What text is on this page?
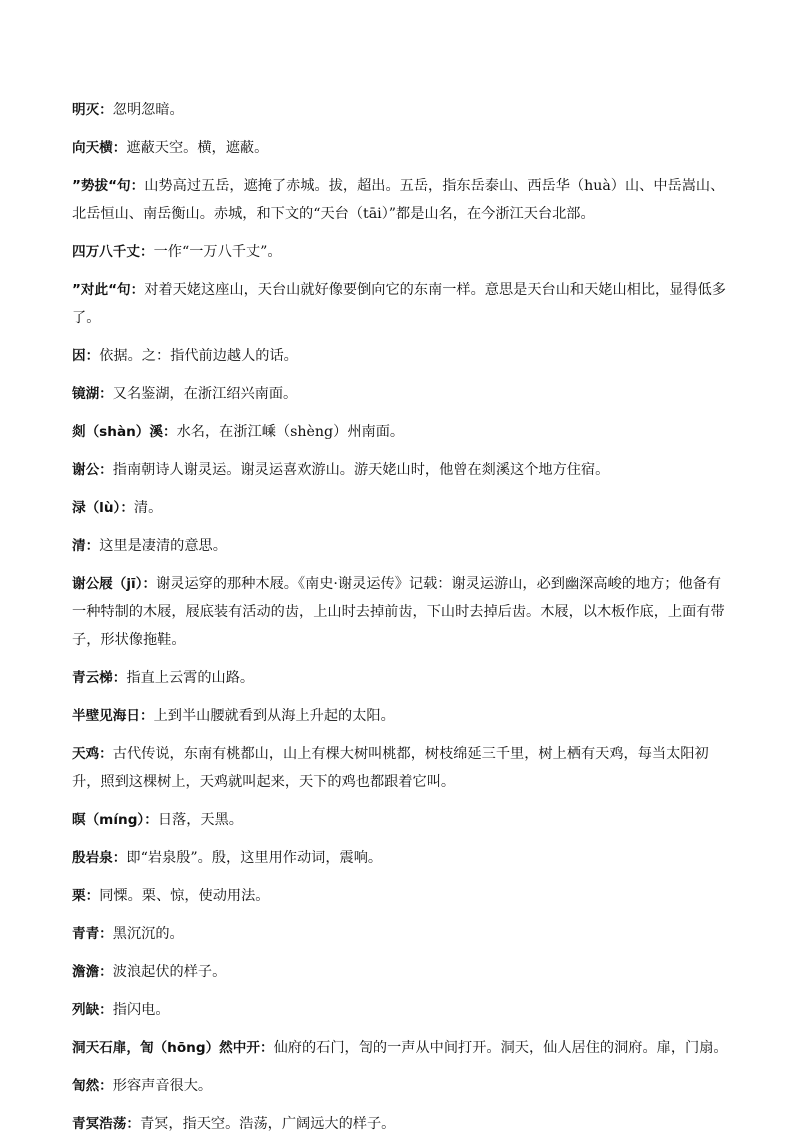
明灭：忽明忽暗。

向天横：遮蔽天空。横，遮蔽。

”势拔“句：山势高过五岳，遮掩了赤城。拔，超出。五岳，指东岳泰山、西岳华（huà）山、中岳嵩山、北岳恒山、南岳衡山。赤城，和下文的“天台（tāi）”都是山名，在今浙江天台北部。

四万八千丈：一作“一万八千丈”。

”对此“句：对着天姥这座山，天台山就好像要倒向它的东南一样。意思是天台山和天姥山相比，显得低多了。

因：依据。之：指代前边越人的话。

镜湖：又名鉴湖，在浙江绍兴南面。

剡（shàn）溪：水名，在浙江嵊（shèng）州南面。

谢公：指南朝诗人谢灵运。谢灵运喜欢游山。游天姥山时，他曾在剡溪这个地方住宿。

渌（lù）：清。

清：这里是凄清的意思。

谢公屐（jī）：谢灵运穿的那种木屐。《南史·谢灵运传》记载：谢灵运游山，必到幽深高峻的地方；他备有一种特制的木屐，屐底装有活动的齿，上山时去掉前齿，下山时去掉后齿。木屐，以木板作底，上面有带子，形状像拖鞋。

青云梯：指直上云霄的山路。

半壁见海日：上到半山腰就看到从海上升起的太阳。

天鸡：古代传说，东南有桃都山，山上有棵大树叫桃都，树枝绵延三千里，树上栖有天鸡，每当太阳初升，照到这棵树上，天鸡就叫起来，天下的鸡也都跟着它叫。

暝（míng）：日落，天黑。

殷岩泉：即“岩泉殷”。殷，这里用作动词，震响。

栗：同慄。栗、惊，使动用法。

青青：黑沉沉的。

澹澹：波浪起伏的样子。

列缺：指闪电。

洞天石扉，訇（hōng）然中开：仙府的石门，訇的一声从中间打开。洞天，仙人居住的洞府。扉，门扇。

訇然：形容声音很大。

青冥浩荡：青冥，指天空。浩荡，广阔远大的样子。
